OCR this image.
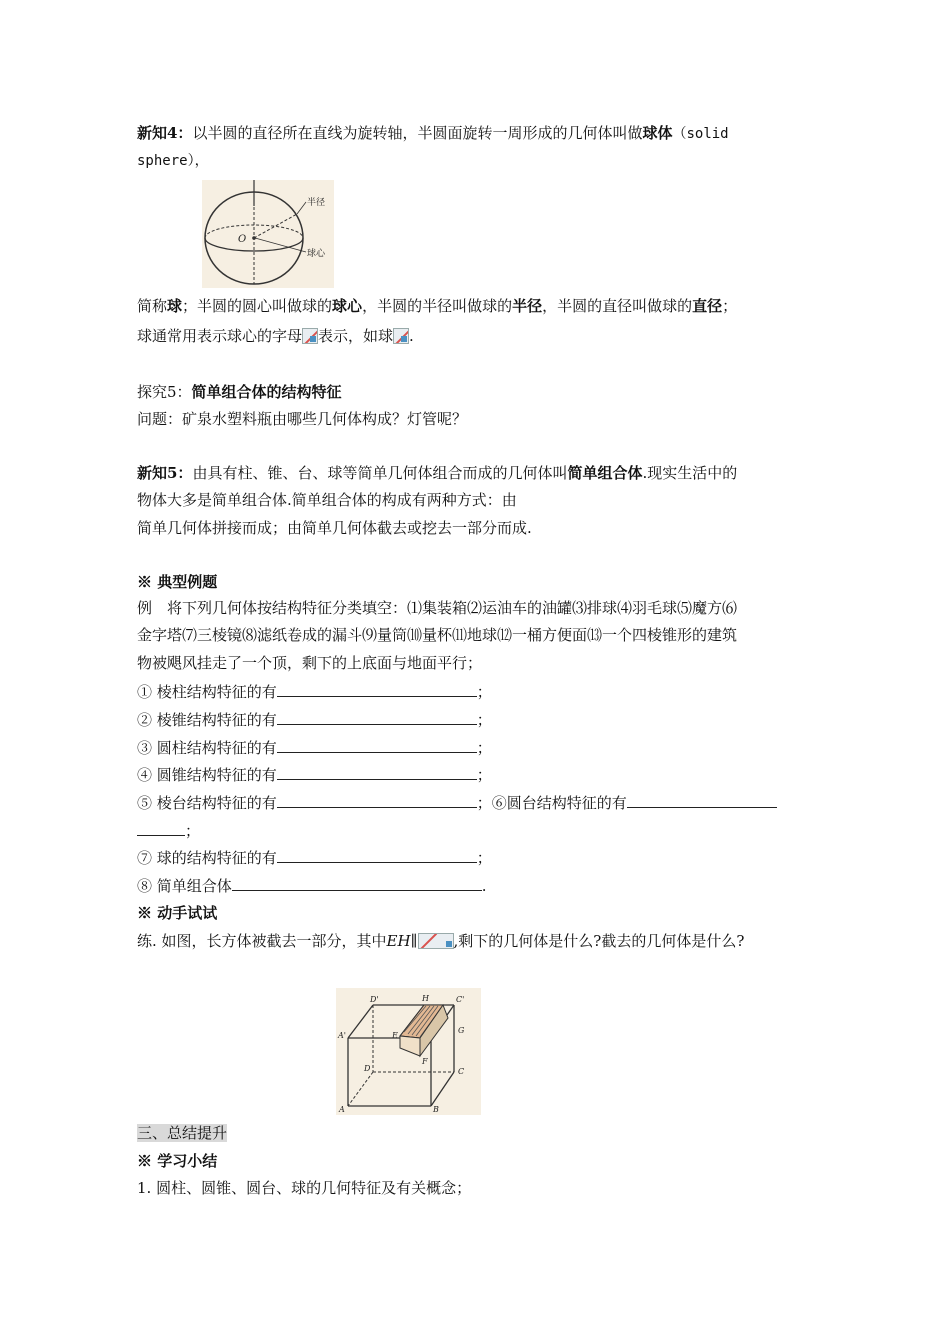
新知4：以半圆的直径所在直线为旋转轴，半圆面旋转一周形成的几何体叫做球体（solid
sphere），
半径
球心
O
简称球；半圆的圆心叫做球的球心，半圆的半径叫做球的半径，半圆的直径叫做球的直径；
球通常用表示球心的字母 表示，如球 .
探究5：简单组合体的结构特征
问题：矿泉水塑料瓶由哪些几何体构成？灯管呢？
新知5：由具有柱、锥、台、球等简单几何体组合而成的几何体叫简单组合体.现实生活中的
物体大多是简单组合体.简单组合体的构成有两种方式：由
简单几何体拼接而成；由简单几何体截去或挖去一部分而成.
※ 典型例题
例　将下列几何体按结构特征分类填空：⑴集装箱⑵运油车的油罐⑶排球⑷羽毛球⑸魔方⑹
金字塔⑺三棱镜⑻滤纸卷成的漏斗⑼量筒⑽量杯⑾地球⑿一桶方便面⒀一个四棱锥形的建筑
物被飓风挂走了一个顶，剩下的上底面与地面平行；
① 棱柱结构特征的有	；
② 棱锥结构特征的有	；
③ 圆柱结构特征的有	；
④ 圆锥结构特征的有	；
⑤ 棱台结构特征的有	；⑥圆台结构特征的有
；
⑦ 球的结构特征的有	；
⑧ 简单组合体	.
※ 动手试试
练. 如图，长方体被截去一部分，其中EH∥ ,剩下的几何体是什么?截去的几何体是什么?
D'	H	C'
A'	E
G
F
D	C
A	B
三、总结提升
※ 学习小结
1. 圆柱、圆锥、圆台、球的几何特征及有关概念；
